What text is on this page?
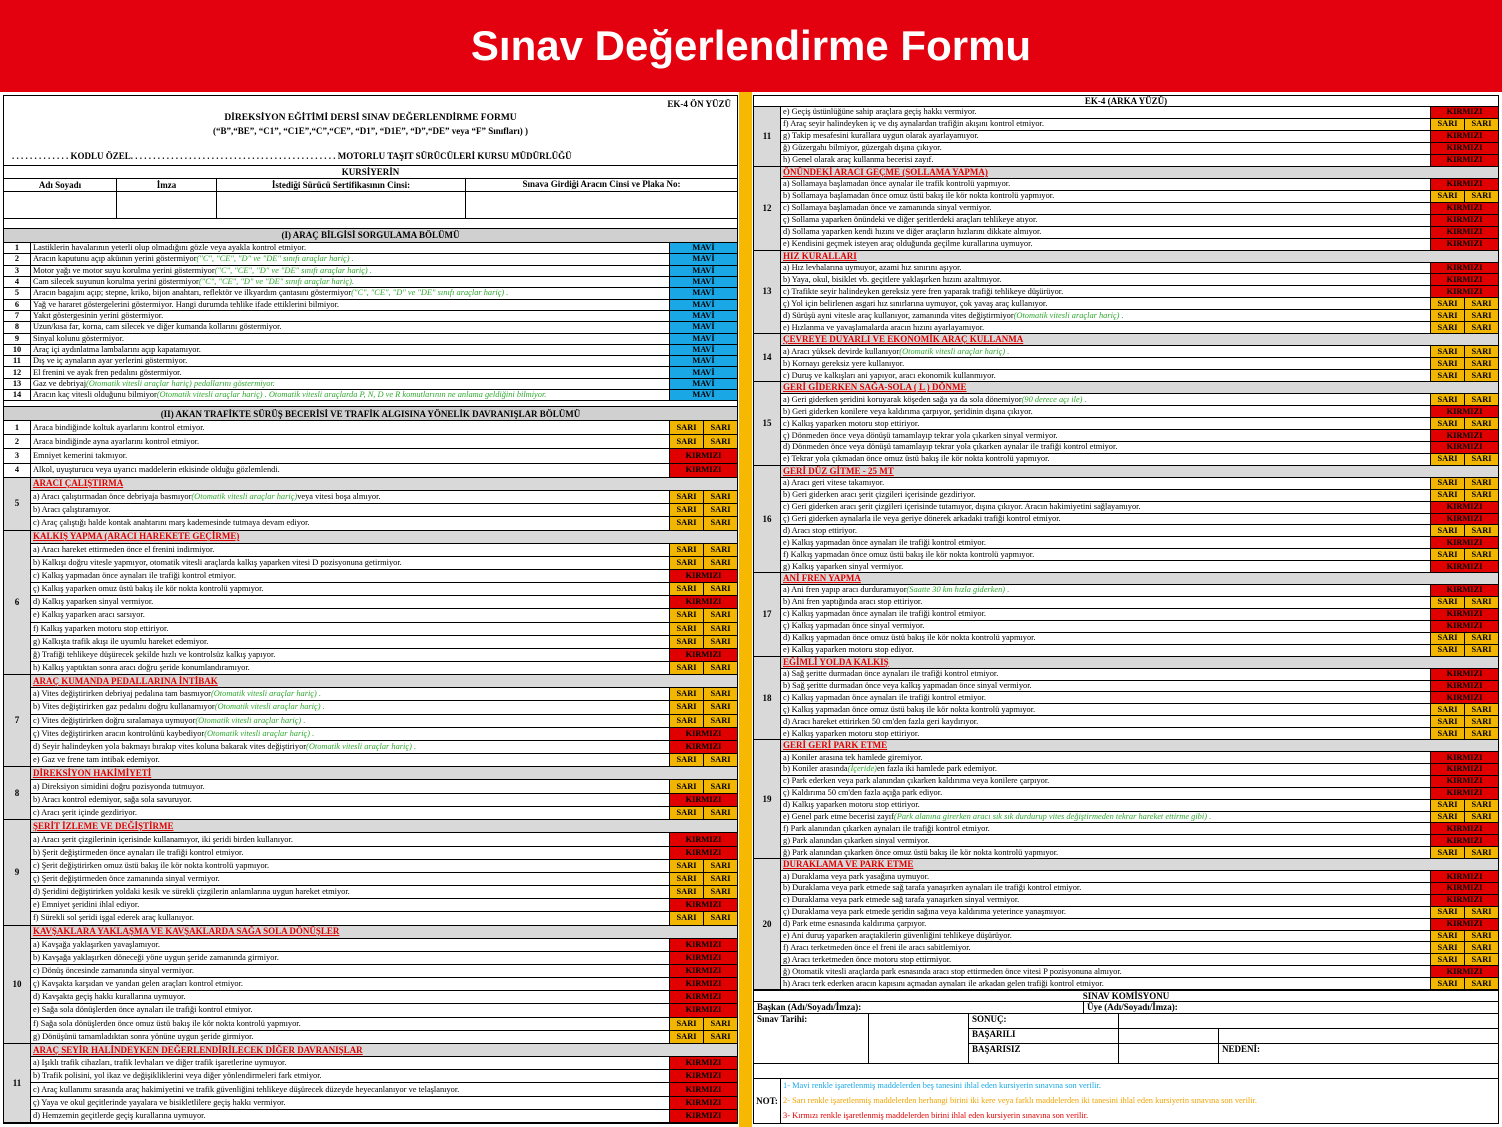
Sınav Değerlendirme Formu
EK-4 ÖN YÜZÜ
DİREKSİYON EĞİTİMİ DERSİ SINAV DEĞERLENDİRME FORMU
(“B”,“BE”, “C1”, “C1E”,“C”,“CE”, “D1”, “D1E”, “D”,“DE” veya “F” Sınıfları) )
. . . . . . . . . . . . . KODLU ÖZEL. . . . . . . . . . . . . . . . . . . . . . . . . . . . . . . . . . . . . . . . . . . . . . MOTORLU TAŞIT SÜRÜCÜLERİ KURSU MÜDÜRLÜĞÜ
KURSİYERİN
Adı Soyadı	İmza	İstediği Sürücü Sertifikasının Cinsi:	Sınava Girdiği Aracın Cinsi ve Plaka No:
(I) ARAÇ BİLGİSİ SORGULAMA BÖLÜMÜ
1	Lastiklerin havalarının yeterli olup olmadığını gözle veya ayakla kontrol etmiyor.	MAVİ
2	Aracın kaputunu açıp aküının yerini göstermiyor ("C", "CE", "D" ve "DE" sınıfı araçlar hariç) .	MAVİ
3	Motor yağı ve motor suyu korulma yerini göstermiyor ("C", "CE", "D" ve "DE" sınıfı araçlar hariç) .	MAVİ
4	Cam silecek suyunun korulma yerini göstermiyor ("C", "CE", "D" ve "DE" sınıfı araçlar hariç).	MAVİ
5	Aracın bagajını açıp; stepne, kriko, bijon anahtarı, reflektör ve ilkyardım çantasını göstermiyor ("C", "CE", "D" ve "DE" sınıfı araçlar hariç) .	MAVİ
6	Yağ ve hararet göstergelerini göstermiyor. Hangi durumda tehlike ifade ettiklerini bilmiyor.	MAVİ
7	Yakıt göstergesinin yerini göstermiyor.	MAVİ
8	Uzun/kısa far, korna, cam silecek ve diğer kumanda kollarını göstermiyor.	MAVİ
9	Sinyal kolunu göstermiyor.	MAVİ
10	Araç içi aydınlatma lambalarını açıp kapatamıyor.	MAVİ
11	Dış ve iç aynaların ayar yerlerini göstermiyor.	MAVİ
12	El frenini ve ayak fren pedalını göstermiyor.	MAVİ
13	Gaz ve debriyaj (Otomatik vitesli araçlar hariç) pedallarını göstermiyor.	MAVİ
14	Aracın kaç vitesli olduğunu bilmiyor (Otomatik vitesli araçlar hariç) . Otomatik vitesli araçlarda P, N, D ve R komutlarının ne anlama geldiğini bilmiyor.	MAVİ
(II) AKAN TRAFİKTE SÜRÜŞ BECERİSİ VE TRAFİK ALGISINA YÖNELİK DAVRANIŞLAR BÖLÜMÜ
1	Araca bindiğinde koltuk ayarlarını kontrol etmiyor.	SARI	SARI
2	Araca bindiğinde ayna ayarlarını kontrol etmiyor.	SARI	SARI
3	Emniyet kemerini takmıyor.	KIRMIZI
4	Alkol, uyuşturucu veya uyarıcı maddelerin etkisinde olduğu gözlemlendi.	KIRMIZI
5
ARACI ÇALIŞTIRMA
a) Aracı çalıştırmadan önce debriyaja basmıyor (Otomatik vitesli araçlar hariç) veya vitesi boşa almıyor.	SARI	SARI
b) Aracı çalıştıramıyor.	SARI	SARI
c) Araç çalıştığı halde kontak anahtarını marş kademesinde tutmaya devam ediyor.	SARI	SARI
6
KALKIŞ YAPMA (ARACI HAREKETE GEÇİRME)
a) Aracı hareket ettirmeden önce el frenini indirmiyor.	SARI	SARI
b) Kalkışı doğru vitesle yapmıyor, otomatik vitesli araçlarda kalkış yaparken vitesi D pozisyonuna getirmiyor.	SARI	SARI
c) Kalkış yapmadan önce aynaları ile trafiği kontrol etmiyor.	KIRMIZI
ç) Kalkış yaparken omuz üstü bakış ile kör nokta kontrolü yapmıyor.	SARI	SARI
d) Kalkış yaparken sinyal vermiyor.	KIRMIZI
e) Kalkış yaparken aracı sarsıyor.	SARI	SARI
f) Kalkış yaparken motoru stop ettiriyor.	SARI	SARI
g) Kalkışta trafik akışı ile uyumlu hareket edemiyor.	SARI	SARI
ğ) Trafiği tehlikeye düşürecek şekilde hızlı ve kontrolsüz kalkış yapıyor.	KIRMIZI
h) Kalkış yaptıktan sonra aracı doğru şeride konumlandıramıyor.	SARI	SARI
7
ARAÇ KUMANDA PEDALLARINA İNTİBAK
a) Vites değiştirirken debriyaj pedalına tam basmıyor (Otomatik vitesli araçlar hariç) .	SARI	SARI
b) Vites değiştirirken gaz pedalını doğru kullanamıyor (Otomatik vitesli araçlar hariç) .	SARI	SARI
c) Vites değiştirirken doğru sıralamaya uymuyor (Otomatik vitesli araçlar hariç) .	SARI	SARI
ç) Vites değiştirirken aracın kontrolünü kaybediyor (Otomatik vitesli araçlar hariç) .	KIRMIZI
d) Seyir halindeyken yola bakmayı bırakıp vites koluna bakarak vites değiştiriyor (Otomatik vitesli araçlar hariç) .	KIRMIZI
e) Gaz ve frene tam intibak edemiyor.	SARI	SARI
8
DİREKSİYON HAKİMİYETİ
a) Direksiyon simidini doğru pozisyonda tutmuyor.	SARI	SARI
b) Aracı kontrol edemiyor, sağa sola savuruyor.	KIRMIZI
c) Aracı şerit içinde gezdiriyor.	SARI	SARI
9
ŞERİT İZLEME VE DEĞİŞTİRME
a) Aracı şerit çizgilerinin içerisinde kullanamıyor, iki şeridi birden kullanıyor.	KIRMIZI
b) Şerit değiştirmeden önce aynaları ile trafiği kontrol etmiyor.	KIRMIZI
c) Şerit değiştirirken omuz üstü bakış ile kör nokta kontrolü yapmıyor.	SARI	SARI
ç) Şerit değiştirmeden önce zamanında sinyal vermiyor.	SARI	SARI
d) Şeridini değiştirirken yoldaki kesik ve sürekli çizgilerin anlamlarına uygun hareket etmiyor.	SARI	SARI
e) Emniyet şeridini ihlal ediyor.	KIRMIZI
f) Sürekli sol şeridi işgal ederek araç kullanıyor.	SARI	SARI
10
KAVŞAKLARA YAKLAŞMA VE KAVŞAKLARDA SAĞA SOLA DÖNÜŞLER
a) Kavşağa yaklaşırken yavaşlamıyor.	KIRMIZI
b) Kavşağa yaklaşırken döneceği yöne uygun şeride zamanında girmiyor.	KIRMIZI
c) Dönüş öncesinde zamanında sinyal vermiyor.	KIRMIZI
ç) Kavşakta karşıdan ve yandan gelen araçları kontrol etmiyor.	KIRMIZI
d) Kavşakta geçiş hakkı kurallarına uymuyor.	KIRMIZI
e) Sağa sola dönüşlerden önce aynaları ile trafiği kontrol etmiyor.	KIRMIZI
f) Sağa sola dönüşlerden önce omuz üstü bakış ile kör nokta kontrolü yapmıyor.	SARI	SARI
g) Dönüşünü tamamladıktan sonra yönüne uygun şeride girmiyor.	SARI	SARI
11
ARAÇ SEYİR HALİNDEYKEN DEĞERLENDİRİLECEK DİĞER DAVRANIŞLAR
a) Işıklı trafik cihazları, trafik levhaları ve diğer trafik işaretlerine uymuyor.	KIRMIZI
b) Trafik polisini, yol ikaz ve değişikliklerini veya diğer yönlendirmeleri fark etmiyor.	KIRMIZI
c) Araç kullanımı sırasında araç hakimiyetini ve trafik güvenliğini tehlikeye düşürecek düzeyde heyecanlanıyor ve telaşlanıyor.	KIRMIZI
ç) Yaya ve okul geçitlerinde yayalara ve bisikletlilere geçiş hakkı vermiyor.	KIRMIZI
d) Hemzemin geçitlerde geçiş kurallarına uymuyor.	KIRMIZI
EK-4 (ARKA YÜZÜ)
11
e) Geçiş üstünlüğüne sahip araçlara geçiş hakkı vermiyor.	KIRMIZI
f) Araç seyir halindeyken iç ve dış aynalardan trafiğin akışını kontrol etmiyor.	SARI	SARI
g) Takip mesafesini kurallara uygun olarak ayarlayamıyor.	KIRMIZI
ğ) Güzergahı bilmiyor, güzergah dışına çıkıyor.	KIRMIZI
h) Genel olarak araç kullanma becerisi zayıf.	KIRMIZI
12
ÖNÜNDEKİ ARACI GEÇME (SOLLAMA YAPMA)
a) Sollamaya başlamadan önce aynalar ile trafik kontrolü yapmıyor.	KIRMIZI
b) Sollamaya başlamadan önce omuz üstü bakış ile kör nokta kontrolü yapmıyor.	SARI	SARI
c) Sollamaya başlamadan önce ve zamanında sinyal vermiyor.	KIRMIZI
ç) Sollama yaparken önündeki ve diğer şeritlerdeki araçları tehlikeye atıyor.	KIRMIZI
d) Sollama yaparken kendi hızını ve diğer araçların hızlarını dikkate almıyor.	KIRMIZI
e) Kendisini geçmek isteyen araç olduğunda geçilme kurallarına uymuyor.	KIRMIZI
13
HIZ KURALLARI
a) Hız levhalarına uymuyor, azami hız sınırını aşıyor.	KIRMIZI
b) Yaya, okul, bisiklet vb. geçitlere yaklaşırken hızını azaltmıyor.	KIRMIZI
c) Trafikte seyir halindeyken gereksiz yere fren yaparak trafiği tehlikeye düşürüyor.	KIRMIZI
ç) Yol için belirlenen asgari hız sınırlarına uymuyor, çok yavaş araç kullanıyor.	SARI	SARI
d) Sürüşü ayni vitesle araç kullanıyor, zamanında vites değiştirmiyor (Otomatik vitesli araçlar hariç) .	SARI	SARI
e) Hızlanma ve yavaşlamalarda aracın hızını ayarlayamıyor.	SARI	SARI
14
ÇEVREYE DUYARLI VE EKONOMİK ARAÇ KULLANMA
a) Aracı yüksek devirde kullanıyor (Otomatik vitesli araçlar hariç) .	SARI	SARI
b) Kornayı gereksiz yere kullanıyor.	SARI	SARI
c) Duruş ve kalkışları ani yapıyor, aracı ekonomik kullanmıyor.	SARI	SARI
15
GERİ GİDERKEN SAĞA-SOLA ( L ) DÖNME
a) Geri giderken şeridini koruyarak köşeden sağa ya da sola dönemiyor (90 derece açı ile) .	SARI	SARI
b) Geri giderken konilere veya kaldırıma çarpıyor, şeridinin dışına çıkıyor.	KIRMIZI
c) Kalkış yaparken motoru stop ettiriyor.	SARI	SARI
ç) Dönmeden önce veya dönüşü tamamlayıp tekrar yola çıkarken sinyal vermiyor.	KIRMIZI
d) Dönmeden önce veya dönüşü tamamlayıp tekrar yola çıkarken aynalar ile trafiği kontrol etmiyor.	KIRMIZI
e) Tekrar yola çıkmadan önce omuz üstü bakış ile kör nokta kontrolü yapmıyor.	SARI	SARI
16
GERİ DÜZ GİTME - 25 MT
a) Aracı geri vitese takamıyor.	SARI	SARI
b) Geri giderken aracı şerit çizgileri içerisinde gezdiriyor.	SARI	SARI
c) Geri giderken aracı şerit çizgileri içerisinde tutamıyor, dışına çıkıyor. Aracın hakimiyetini sağlayamıyor.	KIRMIZI
ç) Geri giderken aynalarla ile veya geriye dönerek arkadaki trafiği kontrol etmiyor.	KIRMIZI
d) Aracı stop ettiriyor.	SARI	SARI
e) Kalkış yapmadan önce aynaları ile trafiği kontrol etmiyor.	KIRMIZI
f) Kalkış yapmadan önce omuz üstü bakış ile kör nokta kontrolü yapmıyor.	SARI	SARI
g) Kalkış yaparken sinyal vermiyor.	KIRMIZI
17
ANİ FREN YAPMA
a) Ani fren yapıp aracı durduramıyor (Saatte 30 km hızla giderken) .	KIRMIZI
b) Ani fren yaptığında aracı stop ettiriyor.	SARI	SARI
c) Kalkış yapmadan önce aynaları ile trafiği kontrol etmiyor.	KIRMIZI
ç) Kalkış yapmadan önce sinyal vermiyor.	KIRMIZI
d) Kalkış yapmadan önce omuz üstü bakış ile kör nokta kontrolü yapmıyor.	SARI	SARI
e) Kalkış yaparken motoru stop ediyor.	SARI	SARI
18
EĞİMLİ YOLDA KALKIŞ
a) Sağ şeritte durmadan önce aynaları ile trafiği kontrol etmiyor.	KIRMIZI
b) Sağ şeritte durmadan önce veya kalkış yapmadan önce sinyal vermiyor.	KIRMIZI
c) Kalkış yapmadan önce aynaları ile trafiği kontrol etmiyor.	KIRMIZI
ç) Kalkış yapmadan önce omuz üstü bakış ile kör nokta kontrolü yapmıyor.	SARI	SARI
d) Aracı hareket ettirirken 50 cm'den fazla geri kaydırıyor.	SARI	SARI
e) Kalkış yaparken motoru stop ettiriyor.	SARI	SARI
19
GERİ GERİ PARK ETME
a) Koniler arasına tek hamlede giremiyor.	KIRMIZI
b) Koniler arasında (İçeride) en fazla iki hamlede park edemiyor.	KIRMIZI
c) Park ederken veya park alanından çıkarken kaldırıma veya konilere çarpıyor.	KIRMIZI
ç) Kaldırıma 50 cm'den fazla açığa park ediyor.	KIRMIZI
d) Kalkış yaparken motoru stop ettiriyor.	SARI	SARI
e) Genel park etme becerisi zayıf (Park alanına girerken aracı sık sık durdurup vites değiştirmeden tekrar hareket ettirme gibi) .	SARI	SARI
f) Park alanından çıkarken aynaları ile trafiği kontrol etmiyor.	KIRMIZI
g) Park alanından çıkarken sinyal vermiyor.	KIRMIZI
ğ) Park alanından çıkarken önce omuz üstü bakış ile kör nokta kontrolü yapmıyor.	SARI	SARI
20
DURAKLAMA VE PARK ETME
a) Duraklama veya park yasağına uymuyor.	KIRMIZI
b) Duraklama veya park etmede sağ tarafa yanaşırken aynaları ile trafiği kontrol etmiyor.	KIRMIZI
c) Duraklama veya park etmede sağ tarafa yanaşırken sinyal vermiyor.	KIRMIZI
ç) Duraklama veya park etmede şeridin sağına veya kaldırıma yeterince yanaşmıyor.	SARI	SARI
d) Park etme esnasında kaldırıma çarpıyor.	KIRMIZI
e) Ani duruş yaparken araçtakilerin güvenliğini tehlikeye düşürüyor.	SARI	SARI
f) Aracı terketmeden önce el freni ile aracı sabitlemiyor.	SARI	SARI
g) Aracı terketmeden önce motoru stop ettirmiyor.	SARI	SARI
ğ) Otomatik vitesli araçlarda park esnasında aracı stop ettirmeden önce vitesi P pozisyonuna almıyor.	KIRMIZI
h) Aracı terk ederken aracın kapısını açmadan aynaları ile arkadan gelen trafiği kontrol etmiyor.	SARI	SARI
SINAV KOMİSYONU
Başkan (Adı/Soyadı/İmza):	Üye (Adı/Soyadı/İmza):
Sınav Tarihi:	SONUÇ:
BAŞARILI
BAŞARISIZ	NEDENİ:
NOT:
1- Mavi renkle işaretlenmiş maddelerden beş tanesini ihlal eden kursiyerin sınavına son verilir.
2- Sarı renkle işaretlenmiş maddelerden herhangi birini iki kere veya farklı maddelerden iki tanesini ihlal eden kursiyerin sınavına son verilir.
3- Kırmızı renkle işaretlenmiş maddelerden birini ihlal eden kursiyerin sınavına son verilir.
